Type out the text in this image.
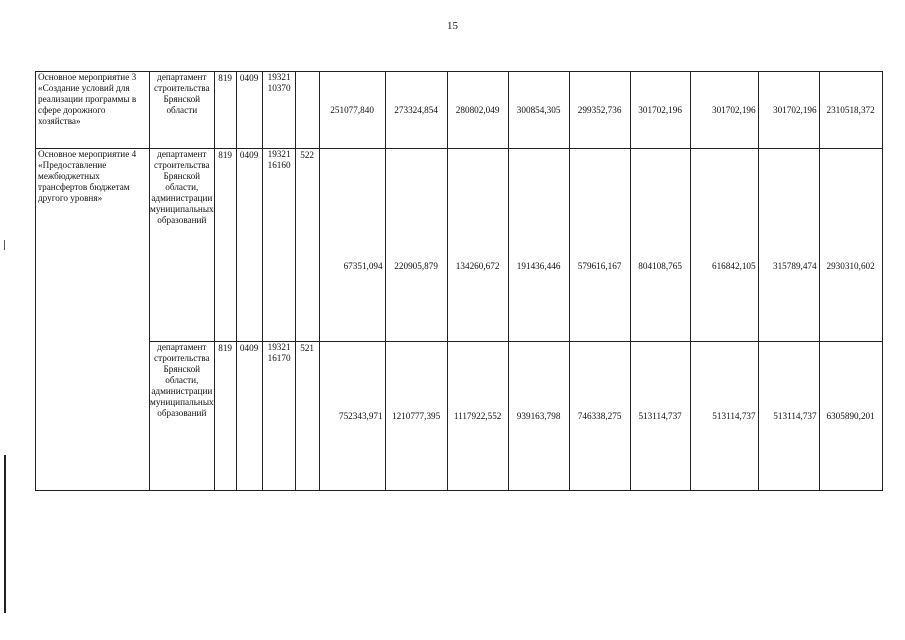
15
Основное мероприятие 3 «Создание условий для реализации программы в сфере дорожного хозяйства»	департамент строительства Брянской области	819	0409	19321 10370		251077,840	273324,854	280802,049	300854,305	299352,736	301702,196	301702,196	301702,196	2310518,372
Основное мероприятие 4 «Предоставление межбюджетных трансфертов бюджетам другого уровня»	департамент строительства Брянской области, администрации муниципальных образований	819	0409	19321 16160	522	67351,094	220905,879	134260,672	191436,446	579616,167	804108,765	616842,105	315789,474	2930310,602
	департамент строительства Брянской области, администрации муниципальных образований	819	0409	19321 16170	521	752343,971	1210777,395	1117922,552	939163,798	746338,275	513114,737	513114,737	513114,737	6305890,201
